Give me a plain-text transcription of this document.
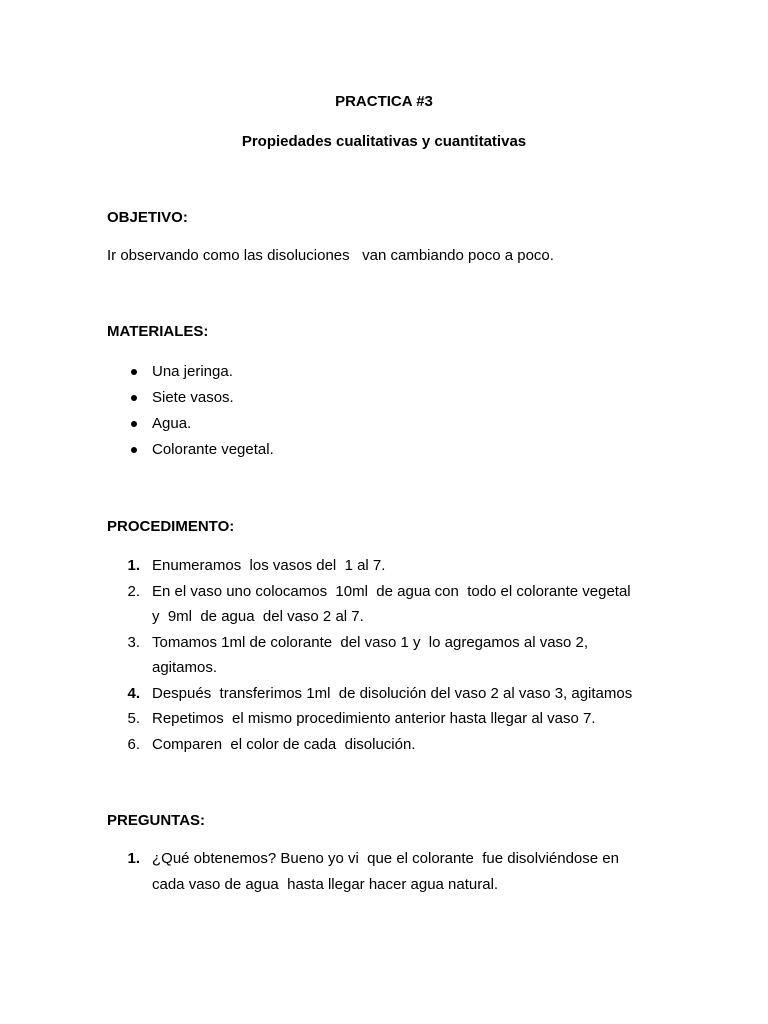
PRACTICA #3
Propiedades cualitativas y cuantitativas
OBJETIVO:
Ir observando como las disoluciones   van cambiando poco a poco.
MATERIALES:
Una jeringa.
Siete vasos.
Agua.
Colorante vegetal.
PROCEDIMENTO:
1. Enumeramos  los vasos del  1 al 7.
2. En el vaso uno colocamos  10ml  de agua con  todo el colorante vegetal
y  9ml  de agua  del vaso 2 al 7.
3. Tomamos 1ml de colorante  del vaso 1 y  lo agregamos al vaso 2,
agitamos.
4. Después  transferimos 1ml  de disolución del vaso 2 al vaso 3, agitamos
5. Repetimos  el mismo procedimiento anterior hasta llegar al vaso 7.
6. Comparen  el color de cada  disolución.
PREGUNTAS:
1. ¿Qué obtenemos? Bueno yo vi  que el colorante  fue disolviéndose en
cada vaso de agua  hasta llegar hacer agua natural.
